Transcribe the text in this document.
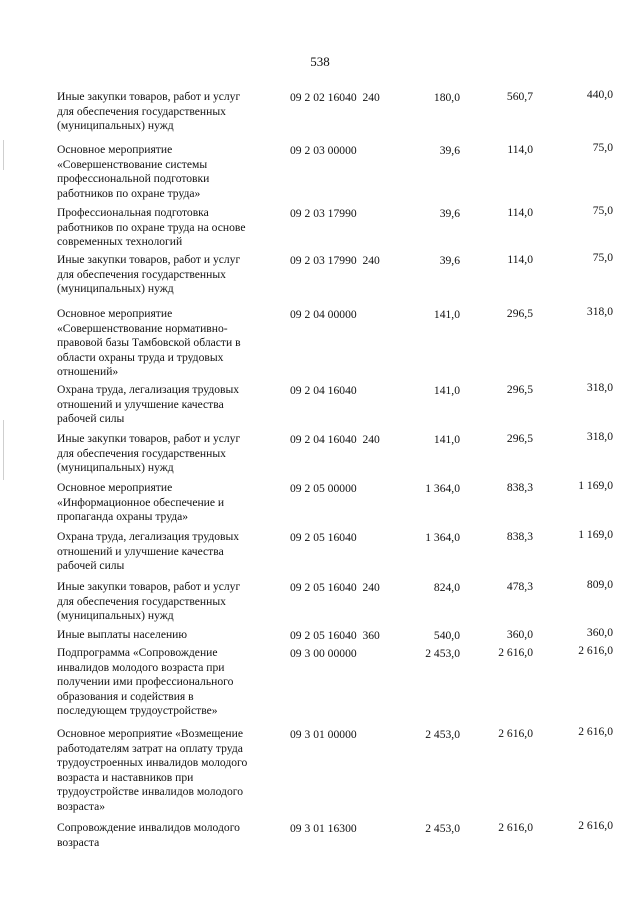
538
Иные закупки товаров, работ и услуг
для обеспечения государственных
(муниципальных) нужд
09 2 02 16040  240	180,0	560,7	440,0
Основное мероприятие
«Совершенствование системы
профессиональной подготовки
работников по охране труда»
09 2 03 00000	39,6	114,0	75,0
Профессиональная подготовка
работников по охране труда на основе
современных технологий
09 2 03 17990	39,6	114,0	75,0
Иные закупки товаров, работ и услуг
для обеспечения государственных
(муниципальных) нужд
09 2 03 17990  240	39,6	114,0	75,0
Основное мероприятие
«Совершенствование нормативно-
правовой базы Тамбовской области в
области охраны труда и трудовых
отношений»
09 2 04 00000	141,0	296,5	318,0
Охрана труда, легализация трудовых
отношений и улучшение качества
рабочей силы
09 2 04 16040	141,0	296,5	318,0
Иные закупки товаров, работ и услуг
для обеспечения государственных
(муниципальных) нужд
09 2 04 16040  240	141,0	296,5	318,0
Основное мероприятие
«Информационное обеспечение и
пропаганда охраны труда»
09 2 05 00000	1 364,0	838,3	1 169,0
Охрана труда, легализация трудовых
отношений и улучшение качества
рабочей силы
09 2 05 16040	1 364,0	838,3	1 169,0
Иные закупки товаров, работ и услуг
для обеспечения государственных
(муниципальных) нужд
09 2 05 16040  240	824,0	478,3	809,0
Иные выплаты населению	09 2 05 16040  360	540,0	360,0	360,0
Подпрограмма «Сопровождение
инвалидов молодого возраста при
получении ими профессионального
образования и содействия в
последующем трудоустройстве»
09 3 00 00000	2 453,0	2 616,0	2 616,0
Основное мероприятие «Возмещение
работодателям затрат на оплату труда
трудоустроенных инвалидов молодого
возраста и наставников при
трудоустройстве инвалидов молодого
возраста»
09 3 01 00000	2 453,0	2 616,0	2 616,0
Сопровождение инвалидов молодого
возраста
09 3 01 16300	2 453,0	2 616,0	2 616,0
